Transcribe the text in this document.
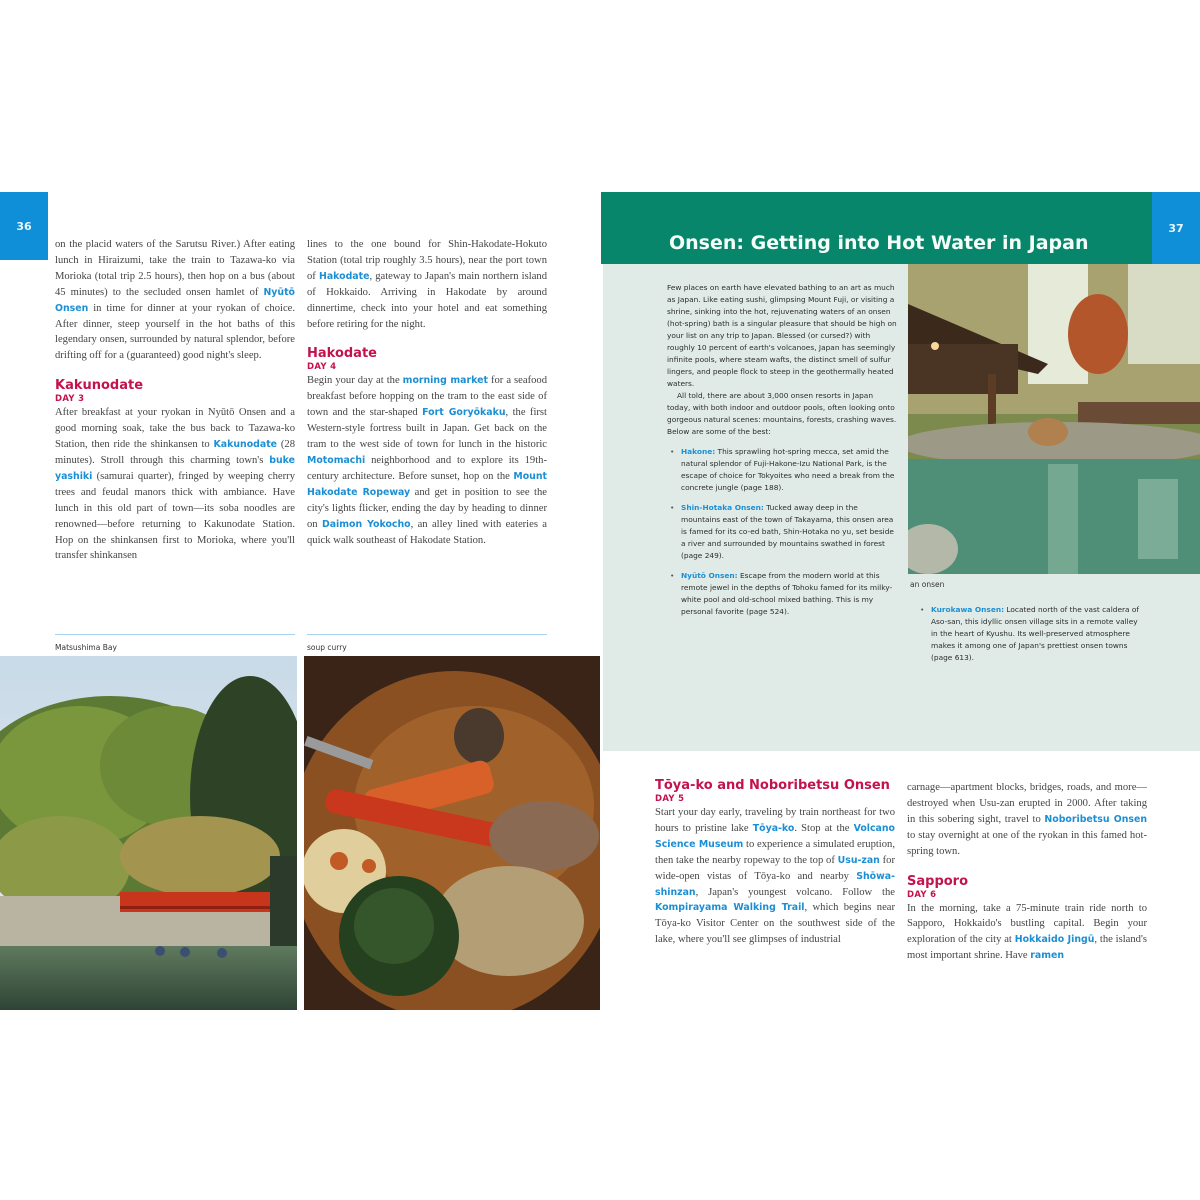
36

on the placid waters of the Sarutsu River.) After eating lunch in Hiraizumi, take the train to Tazawa-ko via Morioka (total trip 2.5 hours), then hop on a bus (about 45 minutes) to the secluded onsen hamlet of Nyūtō Onsen in time for dinner at your ryokan of choice. After dinner, steep yourself in the hot baths of this legendary onsen, surrounded by natural splendor, before drifting off for a (guaranteed) good night's sleep.

Kakunodate
DAY 3

After breakfast at your ryokan in Nyūtō Onsen and a good morning soak, take the bus back to Tazawa-ko Station, then ride the shinkansen to Kakunodate (28 minutes). Stroll through this charming town's buke yashiki (samurai quarter), fringed by weeping cherry trees and feudal manors thick with ambiance. Have lunch in this old part of town—its soba noodles are renowned—before returning to Kakunodate Station. Hop on the shinkansen first to Morioka, where you'll transfer shinkansen

lines to the one bound for Shin-Hakodate-Hokuto Station (total trip roughly 3.5 hours), near the port town of Hakodate, gateway to Japan's main northern island of Hokkaido. Arriving in Hakodate by around dinnertime, check into your hotel and eat something before retiring for the night.

Hakodate
DAY 4

Begin your day at the morning market for a seafood breakfast before hopping on the tram to the east side of town and the star-shaped Fort Goryōkaku, the first Western-style fortress built in Japan. Get back on the tram to the west side of town for lunch in the historic Motomachi neighborhood and to explore its 19th-century architecture. Before sunset, hop on the Mount Hakodate Ropeway and get in position to see the city's lights flicker, ending the day by heading to dinner on Daimon Yokocho, an alley lined with eateries a quick walk southeast of Hakodate Station.

Matsushima Bay	soup curry
Onsen: Getting into Hot Water in Japan
37

Few places on earth have elevated bathing to an art as much as Japan. Like eating sushi, glimpsing Mount Fuji, or visiting a shrine, sinking into the hot, rejuvenating waters of an onsen (hot-spring) bath is a singular pleasure that should be high on your list on any trip to Japan. Blessed (or cursed?) with roughly 10 percent of earth's volcanoes, Japan has seemingly infinite pools, where steam wafts, the distinct smell of sulfur lingers, and people flock to steep in the geothermally heated waters.

All told, there are about 3,000 onsen resorts in Japan today, with both indoor and outdoor pools, often looking onto gorgeous natural scenes: mountains, forests, crashing waves. Below are some of the best:

• Hakone: This sprawling hot-spring mecca, set amid the natural splendor of Fuji-Hakone-Izu National Park, is the escape of choice for Tokyoites who need a break from the concrete jungle (page 188).

• Shin-Hotaka Onsen: Tucked away deep in the mountains east of the town of Takayama, this onsen area is famed for its co-ed bath, Shin-Hotaka no yu, set beside a river and surrounded by mountains swathed in forest (page 249).

• Nyūtō Onsen: Escape from the modern world at this remote jewel in the depths of Tohoku famed for its milky-white pool and old-school mixed bathing. This is my personal favorite (page 524).

an onsen

• Kurokawa Onsen: Located north of the vast caldera of Aso-san, this idyllic onsen village sits in a remote valley in the heart of Kyushu. Its well-preserved atmosphere makes it among one of Japan's prettiest onsen towns (page 613).

Tōya-ko and Noboribetsu Onsen
DAY 5

Start your day early, traveling by train northeast for two hours to pristine lake Tōya-ko. Stop at the Volcano Science Museum to experience a simulated eruption, then take the nearby ropeway to the top of Usu-zan for wide-open vistas of Tōya-ko and nearby Shōwa-shinzan, Japan's youngest volcano. Follow the Kompirayama Walking Trail, which begins near Tōya-ko Visitor Center on the southwest side of the lake, where you'll see glimpses of industrial

carnage—apartment blocks, bridges, roads, and more—destroyed when Usu-zan erupted in 2000. After taking in this sobering sight, travel to Noboribetsu Onsen to stay overnight at one of the ryokan in this famed hot-spring town.

Sapporo
DAY 6

In the morning, take a 75-minute train ride north to Sapporo, Hokkaido's bustling capital. Begin your exploration of the city at Hokkaido Jingū, the island's most important shrine. Have ramen
